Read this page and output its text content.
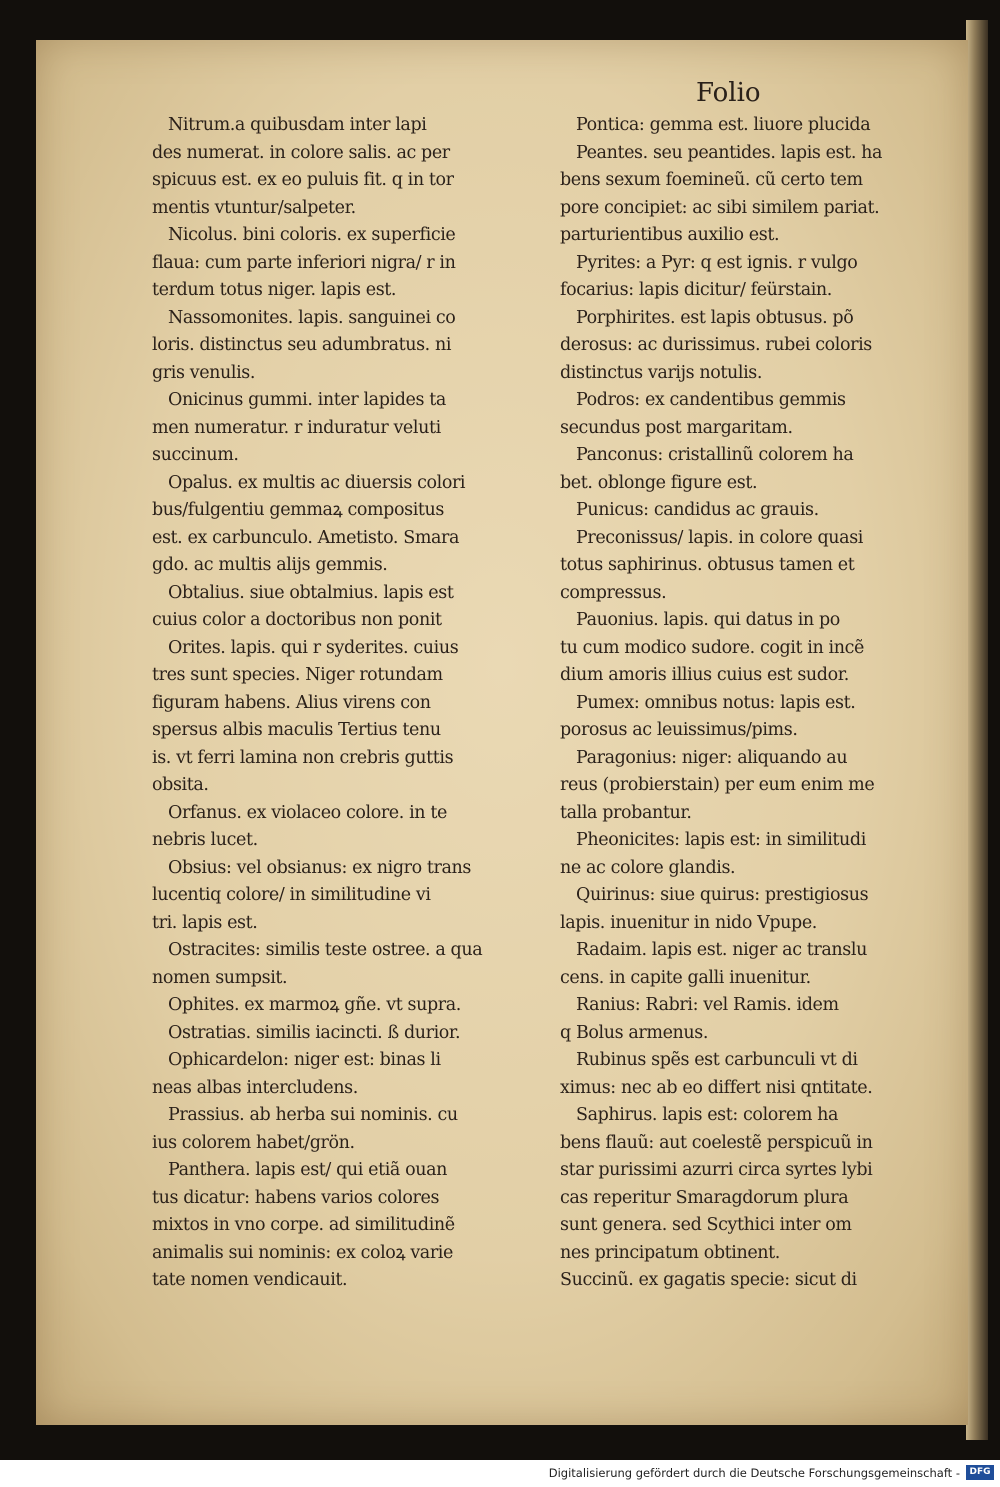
Folio
Nitrum.a quibusdam inter lapi
des numerat. in colore salis. ac per
spicuus est. ex eo puluis fit. q in tor
mentis vtuntur/salpeter.
Nicolus. bini coloris. ex superficie
flaua: cum parte inferiori nigra/ r in
terdum totus niger. lapis est.
Nassomonites. lapis. sanguinei co
loris. distinctus seu adumbratus. ni
gris venulis.
Onicinus gummi. inter lapides ta
men numeratur. r induratur veluti
succinum.
Opalus. ex multis ac diuersis colori
bus/fulgentiu gemmaꝝ compositus
est. ex carbunculo. Ametisto. Smara
gdo. ac multis alijs gemmis.
Obtalius. siue obtalmius. lapis est
cuius color a doctoribus non ponit
Orites. lapis. qui r syderites. cuius
tres sunt species. Niger rotundam
figuram habens. Alius virens con
spersus albis maculis Tertius tenu
is. vt ferri lamina non crebris guttis
obsita.
Orfanus. ex violaceo colore. in te
nebris lucet.
Obsius: vel obsianus: ex nigro trans
lucentiq colore/ in similitudine vi
tri. lapis est.
Ostracites: similis teste ostree. a qua
nomen sumpsit.
Ophites. ex marmoꝝ gñe. vt supra.
Ostratias. similis iacincti. ß durior.
Ophicardelon: niger est: binas li
neas albas intercludens.
Prassius. ab herba sui nominis. cu
ius colorem habet/grön.
Panthera. lapis est/ qui etiã ouan
tus dicatur: habens varios colores
mixtos in vno corpe. ad similitudinẽ
animalis sui nominis: ex coloꝝ varie
tate nomen vendicauit.
Pontica: gemma est. liuore plucida
Peantes. seu peantides. lapis est. ha
bens sexum foemineũ. cũ certo tem
pore concipiet: ac sibi similem pariat.
parturientibus auxilio est.
Pyrites: a Pyr: q est ignis. r vulgo
focarius: lapis dicitur/ feürstain.
Porphirites. est lapis obtusus. põ
derosus: ac durissimus. rubei coloris
distinctus varijs notulis.
Podros: ex candentibus gemmis
secundus post margaritam.
Panconus: cristallinũ colorem ha
bet. oblonge figure est.
Punicus: candidus ac grauis.
Preconissus/ lapis. in colore quasi
totus saphirinus. obtusus tamen et
compressus.
Pauonius. lapis. qui datus in po
tu cum modico sudore. cogit in incẽ
dium amoris illius cuius est sudor.
Pumex: omnibus notus: lapis est.
porosus ac leuissimus/pims.
Paragonius: niger: aliquando au
reus (probierstain) per eum enim me
talla probantur.
Pheonicites: lapis est: in similitudi
ne ac colore glandis.
Quirinus: siue quirus: prestigiosus
lapis. inuenitur in nido Vpupe.
Radaim. lapis est. niger ac translu
cens. in capite galli inuenitur.
Ranius: Rabri: vel Ramis. idem
q Bolus armenus.
Rubinus spẽs est carbunculi vt di
ximus: nec ab eo differt nisi qntitate.
Saphirus. lapis est: colorem ha
bens flauũ: aut coelestẽ perspicuũ in
star purissimi azurri circa syrtes lybi
cas reperitur Smaragdorum plura
sunt genera. sed Scythici inter om
nes principatum obtinent.
Succinũ. ex gagatis specie: sicut di
Digitalisierung gefördert durch die Deutsche Forschungsgemeinschaft -	DFG
